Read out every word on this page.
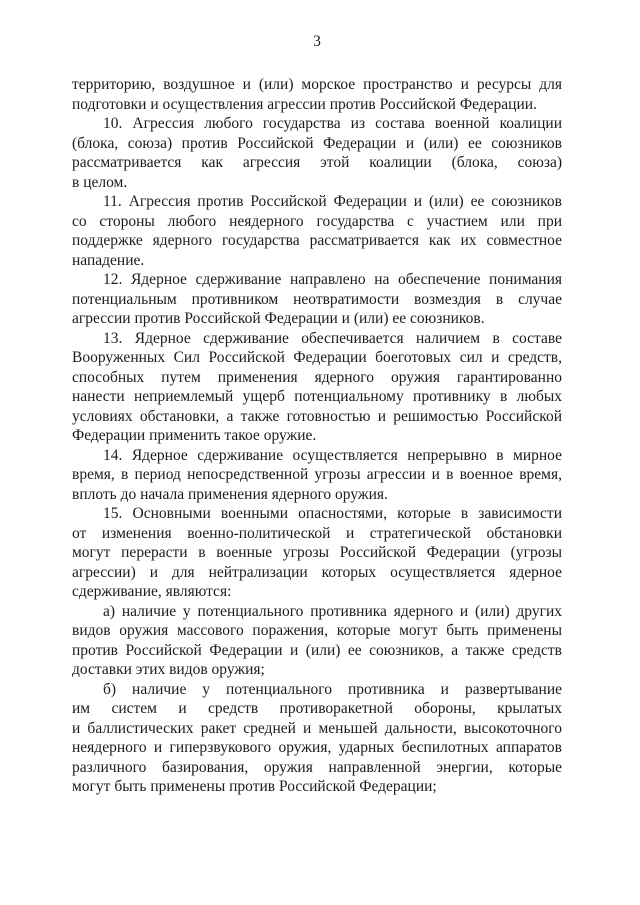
3
территорию, воздушное и (или) морское пространство и ресурсы для
подготовки и осуществления агрессии против Российской Федерации.
10. Агрессия любого государства из состава военной коалиции
(блока, союза) против Российской Федерации и (или) ее союзников
рассматривается как агрессия этой коалиции (блока, союза)
в целом.
11. Агрессия против Российской Федерации и (или) ее союзников
со стороны любого неядерного государства с участием или при
поддержке ядерного государства рассматривается как их совместное
нападение.
12. Ядерное сдерживание направлено на обеспечение понимания
потенциальным противником неотвратимости возмездия в случае
агрессии против Российской Федерации и (или) ее союзников.
13. Ядерное сдерживание обеспечивается наличием в составе
Вооруженных Сил Российской Федерации боеготовых сил и средств,
способных путем применения ядерного оружия гарантированно
нанести неприемлемый ущерб потенциальному противнику в любых
условиях обстановки, а также готовностью и решимостью Российской
Федерации применить такое оружие.
14. Ядерное сдерживание осуществляется непрерывно в мирное
время, в период непосредственной угрозы агрессии и в военное время,
вплоть до начала применения ядерного оружия.
15. Основными военными опасностями, которые в зависимости
от изменения военно-политической и стратегической обстановки
могут перерасти в военные угрозы Российской Федерации (угрозы
агрессии) и для нейтрализации которых осуществляется ядерное
сдерживание, являются:
а) наличие у потенциального противника ядерного и (или) других
видов оружия массового поражения, которые могут быть применены
против Российской Федерации и (или) ее союзников, а также средств
доставки этих видов оружия;
б) наличие у потенциального противника и развертывание
им систем и средств противоракетной обороны, крылатых
и баллистических ракет средней и меньшей дальности, высокоточного
неядерного и гиперзвукового оружия, ударных беспилотных аппаратов
различного базирования, оружия направленной энергии, которые
могут быть применены против Российской Федерации;
